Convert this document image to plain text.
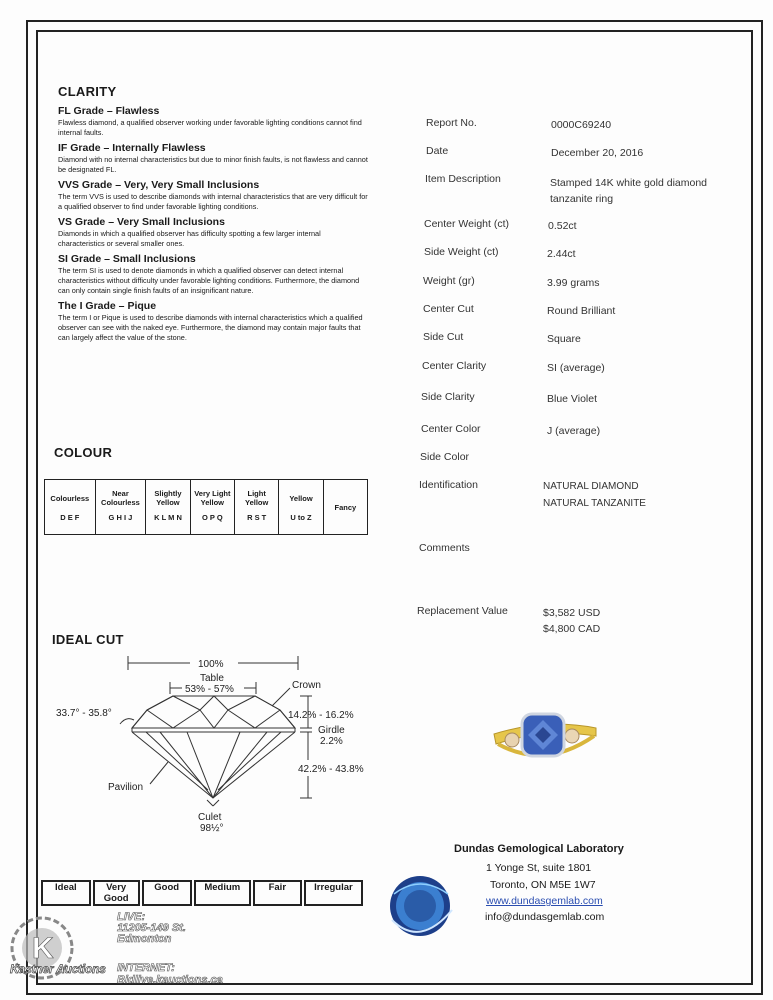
CLARITY

FL Grade – Flawless

Flawless diamond, a qualified observer working under favorable lighting conditions cannot find internal faults.

IF Grade – Internally Flawless

Diamond with no internal characteristics but due to minor finish faults, is not flawless and cannot be designated FL.

VVS Grade – Very, Very Small Inclusions

The term VVS is used to describe diamonds with internal characteristics that are very difficult for a qualified observer to find under favorable lighting conditions.

VS Grade – Very Small Inclusions

Diamonds in which a qualified observer has difficulty spotting a few larger internal characteristics or several smaller ones.

SI Grade – Small Inclusions

The term SI is used to denote diamonds in which a qualified observer can detect internal characteristics without difficulty under favorable lighting conditions. Furthermore, the diamond can only contain single finish faults of an insignificant nature.

The I Grade – Pique

The term I or Pique is used to describe diamonds with internal characteristics which a qualified observer can see with the naked eye. Furthermore, the diamond may contain major faults that can largely affect the value of the stone.

COLOUR
Colourless
D E F

Near Colourless
G H I J

Slightly Yellow
K L M N

Very Light Yellow
O P Q

Light Yellow
R S T

Yellow
U to Z

Fancy
IDEAL CUT
100%
Table
53% - 57%	Crown
33.7° - 35.8°	14.2% - 16.2%
Girdle
2.2%
42.2% - 43.8%
Pavilion
Culet
98½°
Ideal	Very Good	Good	Medium	Fair	Irregular
Report No.	0000C69240
Date	December 20, 2016
Item Description	Stamped 14K white gold diamond tanzanite ring
Center Weight (ct)	0.52ct
Side Weight (ct)	2.44ct
Weight (gr)	3.99 grams
Center Cut	Round Brilliant
Side Cut	Square
Center Clarity	SI (average)
Side Clarity	Blue Violet
Center Color	J (average)
Side Color
Identification	NATURAL DIAMOND
NATURAL TANZANITE
Comments
Replacement Value	$3,582 USD
$4,800 CAD
Dundas Gemological Laboratory
1 Yonge St, suite 1801
Toronto, ON M5E 1W7
www.dundasgemlab.com
info@dundasgemlab.com
K
Kastner Auctions
LIVE:
11205-149 St.
Edmonton
INTERNET:
Bidlive.kauctions.ca
